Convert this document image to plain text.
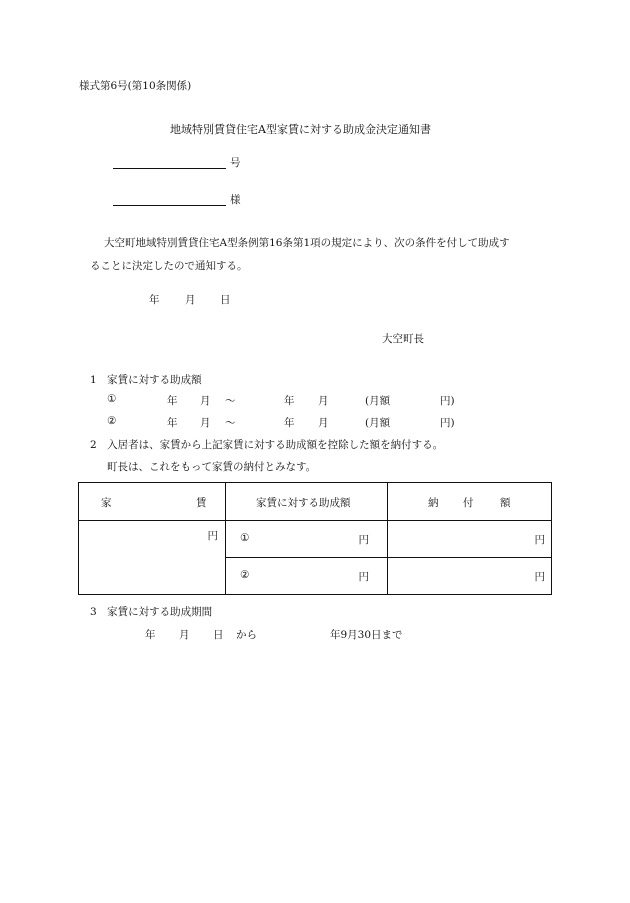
様式第6号(第10条関係)
地域特別賃貸住宅A型家賃に対する助成金決定通知書
号
様
大空町地域特別賃貸住宅A型条例第16条第1項の規定により、次の条件を付して助成す
ることに決定したので通知する。
年 月 日
大空町長
1　家賃に対する助成額
①	年 月 ～	年 月	(月額	円)
②	年 月 ～	年 月	(月額	円)
2　入居者は、家賃から上記家賃に対する助成額を控除した額を納付する。
町長は、これをもって家賃の納付とみなす。
家 賃	家賃に対する助成額	納 付 額

円	① 円	円

	② 円	円
3　家賃に対する助成期間
年 月 日 から	年9月30日まで
